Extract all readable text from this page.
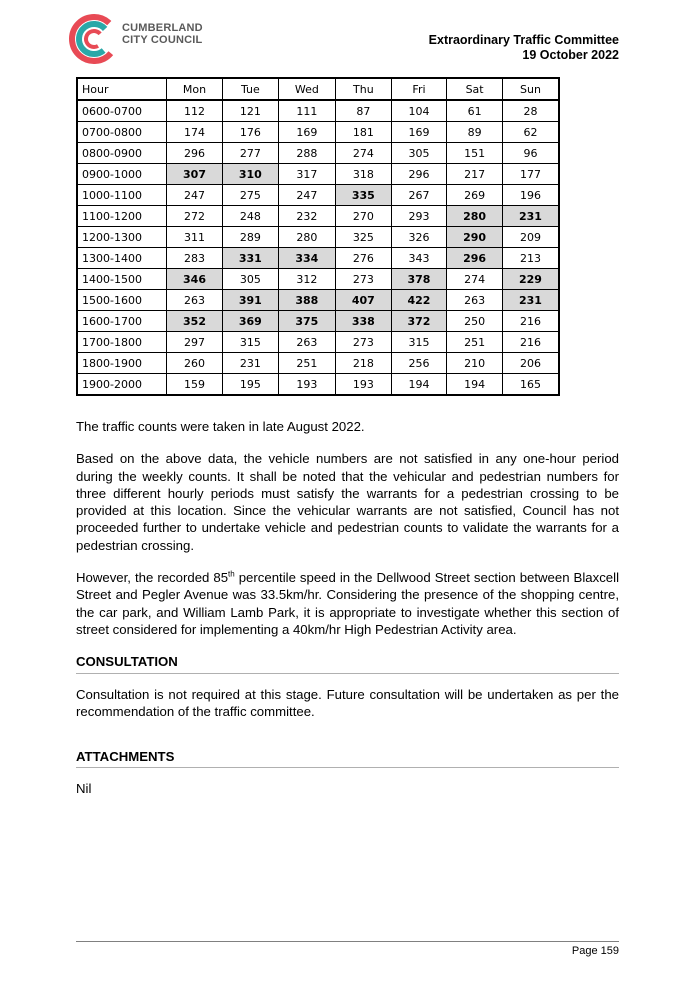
CUMBERLAND
CITY COUNCIL	Extraordinary Traffic Committee
19 October 2022
Hour	Mon	Tue	Wed	Thu	Fri	Sat	Sun
0600-0700	112	121	111	87	104	61	28
0700-0800	174	176	169	181	169	89	62
0800-0900	296	277	288	274	305	151	96
0900-1000	307	310	317	318	296	217	177
1000-1100	247	275	247	335	267	269	196
1100-1200	272	248	232	270	293	280	231
1200-1300	311	289	280	325	326	290	209
1300-1400	283	331	334	276	343	296	213
1400-1500	346	305	312	273	378	274	229
1500-1600	263	391	388	407	422	263	231
1600-1700	352	369	375	338	372	250	216
1700-1800	297	315	263	273	315	251	216
1800-1900	260	231	251	218	256	210	206
1900-2000	159	195	193	193	194	194	165

The traffic counts were taken in late August 2022.

Based on the above data, the vehicle numbers are not satisfied in any one-hour period during the weekly counts. It shall be noted that the vehicular and pedestrian numbers for three different hourly periods must satisfy the warrants for a pedestrian crossing to be provided at this location. Since the vehicular warrants are not satisfied, Council has not proceeded further to undertake vehicle and pedestrian counts to validate the warrants for a pedestrian crossing.

However, the recorded 85th percentile speed in the Dellwood Street section between Blaxcell Street and Pegler Avenue was 33.5km/hr. Considering the presence of the shopping centre, the car park, and William Lamb Park, it is appropriate to investigate whether this section of street considered for implementing a 40km/hr High Pedestrian Activity area.

CONSULTATION

Consultation is not required at this stage. Future consultation will be undertaken as per the recommendation of the traffic committee.

ATTACHMENTS

Nil

Page 159
